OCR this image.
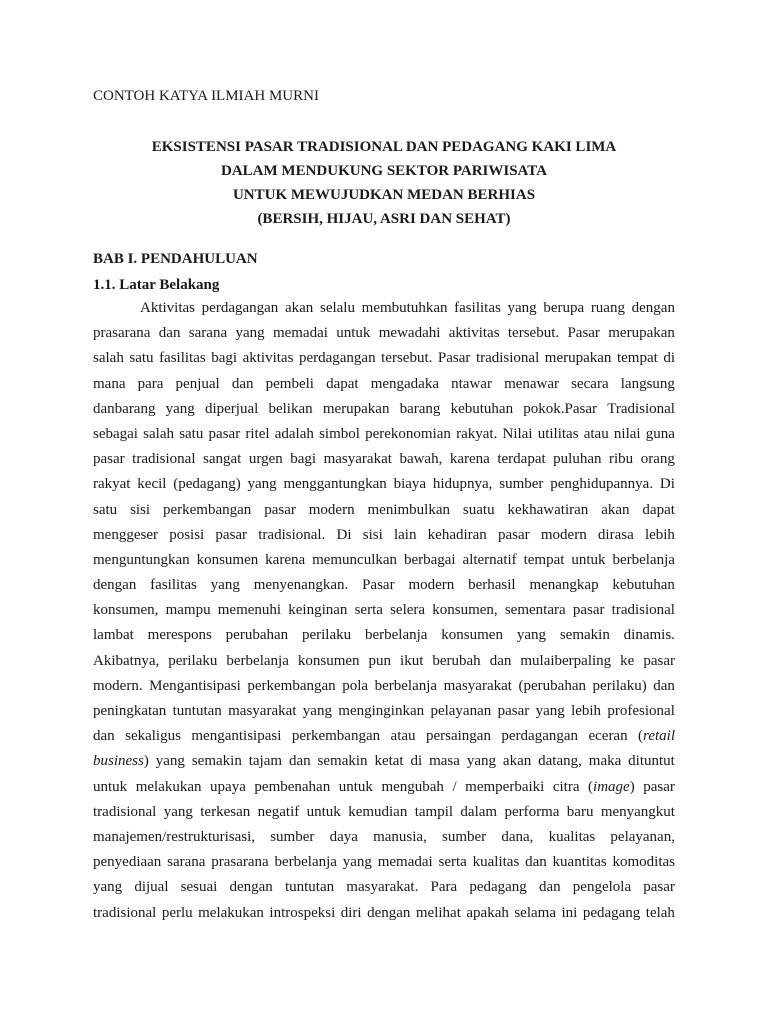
CONTOH KATYA ILMIAH MURNI
EKSISTENSI PASAR TRADISIONAL DAN PEDAGANG KAKI LIMA
DALAM MENDUKUNG SEKTOR PARIWISATA
UNTUK MEWUJUDKAN MEDAN BERHIAS
(BERSIH, HIJAU, ASRI DAN SEHAT)
BAB I. PENDAHULUAN
1.1. Latar Belakang
Aktivitas perdagangan akan selalu membutuhkan fasilitas yang berupa ruang dengan
prasarana dan sarana yang memadai untuk mewadahi aktivitas tersebut. Pasar merupakan
salah satu fasilitas bagi aktivitas perdagangan tersebut. Pasar tradisional merupakan tempat di
mana para penjual dan pembeli dapat mengadaka ntawar menawar secara langsung
danbarang yang diperjual belikan merupakan barang kebutuhan pokok.Pasar Tradisional
sebagai salah satu pasar ritel adalah simbol perekonomian rakyat. Nilai utilitas atau nilai guna
pasar tradisional sangat urgen bagi masyarakat bawah, karena terdapat puluhan ribu orang
rakyat kecil (pedagang) yang menggantungkan biaya hidupnya, sumber penghidupannya. Di
satu sisi perkembangan pasar modern menimbulkan suatu kekhawatiran akan dapat
menggeser posisi pasar tradisional. Di sisi lain kehadiran pasar modern dirasa lebih
menguntungkan konsumen karena memunculkan berbagai alternatif tempat untuk berbelanja
dengan fasilitas yang menyenangkan. Pasar modern berhasil menangkap kebutuhan
konsumen, mampu memenuhi keinginan serta selera konsumen, sementara pasar tradisional
lambat merespons perubahan perilaku berbelanja konsumen yang semakin dinamis.
Akibatnya, perilaku berbelanja konsumen pun ikut berubah dan mulaiberpaling ke pasar
modern. Mengantisipasi perkembangan pola berbelanja masyarakat (perubahan perilaku) dan
peningkatan tuntutan masyarakat yang menginginkan pelayanan pasar yang lebih profesional
dan sekaligus mengantisipasi perkembangan atau persaingan perdagangan eceran (retail
business) yang semakin tajam dan semakin ketat di masa yang akan datang, maka dituntut
untuk melakukan upaya pembenahan untuk mengubah / memperbaiki citra (image) pasar
tradisional yang terkesan negatif untuk kemudian tampil dalam performa baru menyangkut
manajemen/restrukturisasi, sumber daya manusia, sumber dana, kualitas pelayanan,
penyediaan sarana prasarana berbelanja yang memadai serta kualitas dan kuantitas komoditas
yang dijual sesuai dengan tuntutan masyarakat. Para pedagang dan pengelola pasar
tradisional perlu melakukan introspeksi diri dengan melihat apakah selama ini pedagang telah
